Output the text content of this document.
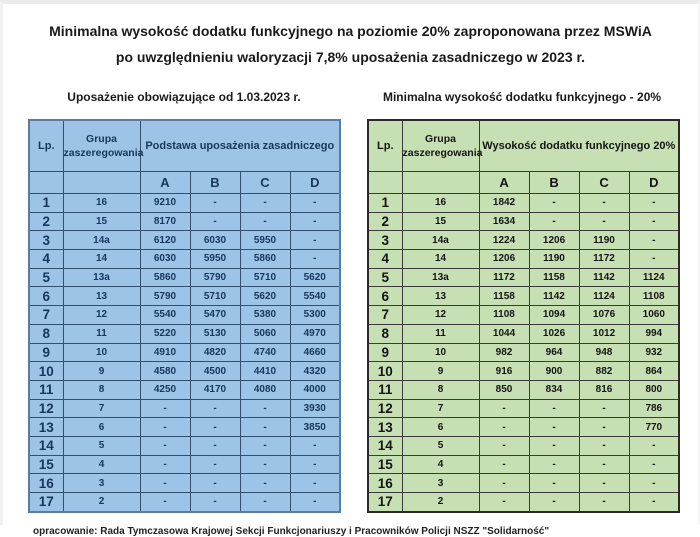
Minimalna wysokość dodatku funkcyjnego na poziomie 20% zaproponowana przez MSWiA
po uwzględnieniu waloryzacji 7,8% uposażenia zasadniczego w 2023 r.
Uposażenie obowiązujące od 1.03.2023 r.	Minimalna wysokość dodatku funkcyjnego - 20%
Lp.	Grupa zaszeregowania	Podstawa uposażenia zasadniczego			
		A	B	C	D
1	16	9210	-	-	-
2	15	8170	-	-	-
3	14a	6120	6030	5950	-
4	14	6030	5950	5860	-
5	13a	5860	5790	5710	5620
6	13	5790	5710	5620	5540
7	12	5540	5470	5380	5300
8	11	5220	5130	5060	4970
9	10	4910	4820	4740	4660
10	9	4580	4500	4410	4320
11	8	4250	4170	4080	4000
12	7	-	-	-	3930
13	6	-	-	-	3850
14	5	-	-	-	-
15	4	-	-	-	-
16	3	-	-	-	-
17	2	-	-	-	-
Lp.	Grupa zaszeregowania	Wysokość dodatku funkcyjnego 20%			
		A	B	C	D
1	16	1842	-	-	-
2	15	1634	-	-	-
3	14a	1224	1206	1190	-
4	14	1206	1190	1172	-
5	13a	1172	1158	1142	1124
6	13	1158	1142	1124	1108
7	12	1108	1094	1076	1060
8	11	1044	1026	1012	994
9	10	982	964	948	932
10	9	916	900	882	864
11	8	850	834	816	800
12	7	-	-	-	786
13	6	-	-	-	770
14	5	-	-	-	-
15	4	-	-	-	-
16	3	-	-	-	-
17	2	-	-	-	-
opracowanie: Rada Tymczasowa Krajowej Sekcji Funkcjonariuszy i Pracowników Policji NSZZ "Solidarność"
